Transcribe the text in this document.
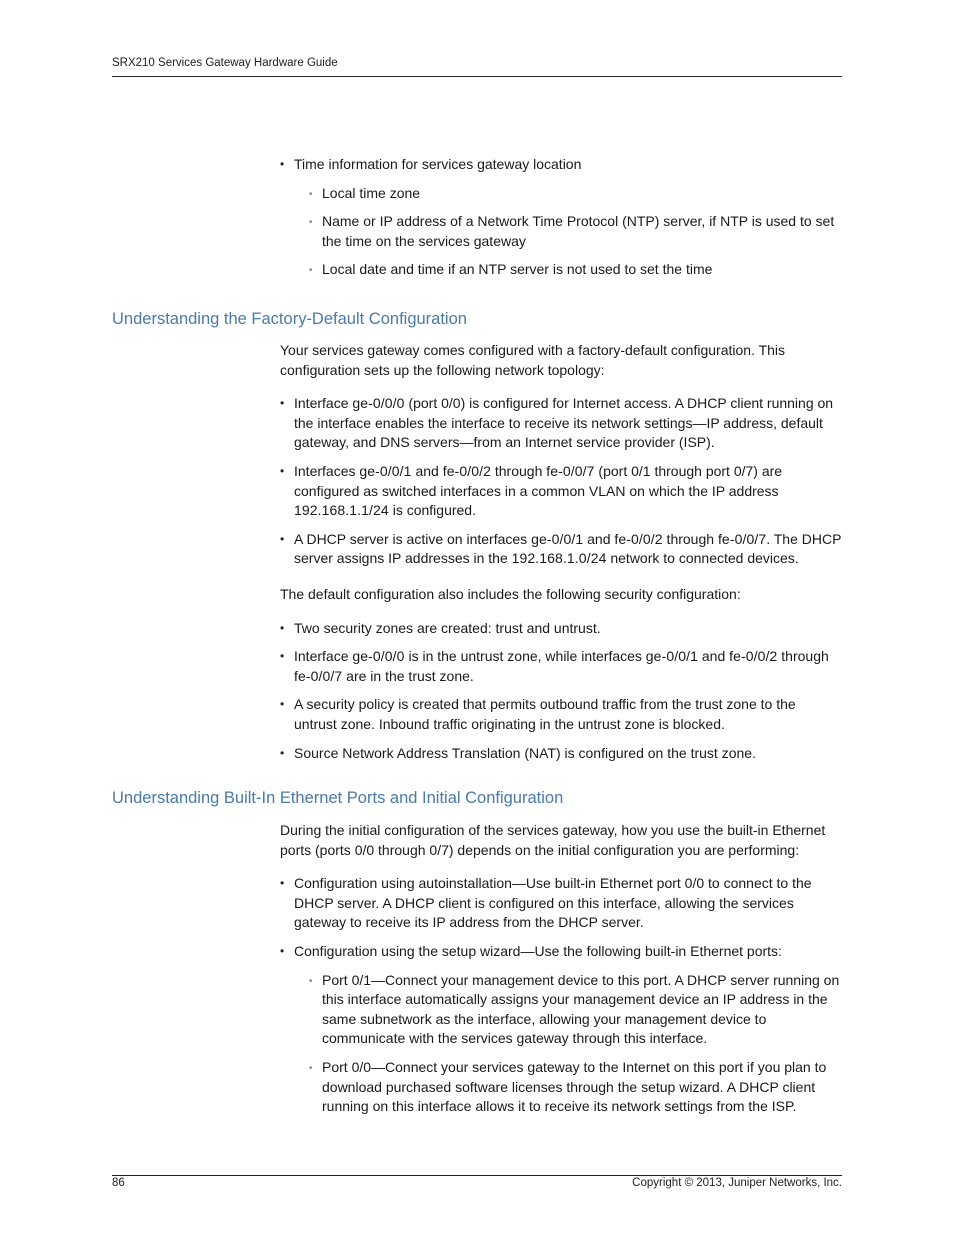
SRX210 Services Gateway Hardware Guide
• Time information for services gateway location
• Local time zone
• Name or IP address of a Network Time Protocol (NTP) server, if NTP is used to set the time on the services gateway
• Local date and time if an NTP server is not used to set the time
Understanding the Factory-Default Configuration

Your services gateway comes configured with a factory-default configuration. This configuration sets up the following network topology:

• Interface ge-0/0/0 (port 0/0) is configured for Internet access. A DHCP client running on the interface enables the interface to receive its network settings—IP address, default gateway, and DNS servers—from an Internet service provider (ISP).
• Interfaces ge-0/0/1 and fe-0/0/2 through fe-0/0/7 (port 0/1 through port 0/7) are configured as switched interfaces in a common VLAN on which the IP address 192.168.1.1/24 is configured.
• A DHCP server is active on interfaces ge-0/0/1 and fe-0/0/2 through fe-0/0/7. The DHCP server assigns IP addresses in the 192.168.1.0/24 network to connected devices.

The default configuration also includes the following security configuration:

• Two security zones are created: trust and untrust.
• Interface ge-0/0/0 is in the untrust zone, while interfaces ge-0/0/1 and fe-0/0/2 through fe-0/0/7 are in the trust zone.
• A security policy is created that permits outbound traffic from the trust zone to the untrust zone. Inbound traffic originating in the untrust zone is blocked.
• Source Network Address Translation (NAT) is configured on the trust zone.
Understanding Built-In Ethernet Ports and Initial Configuration

During the initial configuration of the services gateway, how you use the built-in Ethernet ports (ports 0/0 through 0/7) depends on the initial configuration you are performing:

• Configuration using autoinstallation—Use built-in Ethernet port 0/0 to connect to the DHCP server. A DHCP client is configured on this interface, allowing the services gateway to receive its IP address from the DHCP server.
• Configuration using the setup wizard—Use the following built-in Ethernet ports:
• Port 0/1—Connect your management device to this port. A DHCP server running on this interface automatically assigns your management device an IP address in the same subnetwork as the interface, allowing your management device to communicate with the services gateway through this interface.
• Port 0/0—Connect your services gateway to the Internet on this port if you plan to download purchased software licenses through the setup wizard. A DHCP client running on this interface allows it to receive its network settings from the ISP.
86	Copyright © 2013, Juniper Networks, Inc.
